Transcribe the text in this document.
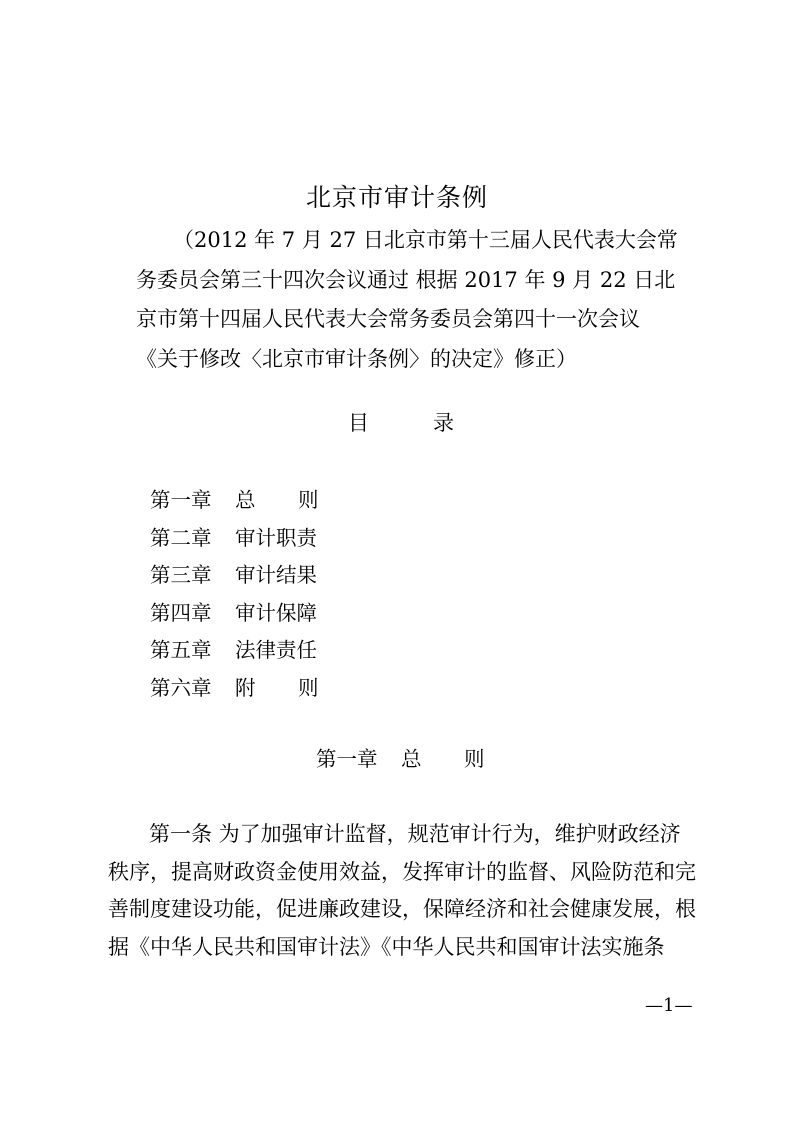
北京市审计条例
（2012 年 7 月 27 日北京市第十三届人民代表大会常
务委员会第三十四次会议通过 根据 2017 年 9 月 22 日北
京市第十四届人民代表大会常务委员会第四十一次会议
《关于修改〈北京市审计条例〉的决定》修正）
目	录
第一章 总 则
第二章 审计职责
第三章 审计结果
第四章 审计保障
第五章 法律责任
第六章 附 则
第一章 总 则
第一条 为了加强审计监督，规范审计行为，维护财政经济
秩序，提高财政资金使用效益，发挥审计的监督、风险防范和完
善制度建设功能，促进廉政建设，保障经济和社会健康发展，根
据《中华人民共和国审计法》《中华人民共和国审计法实施条
—1—
